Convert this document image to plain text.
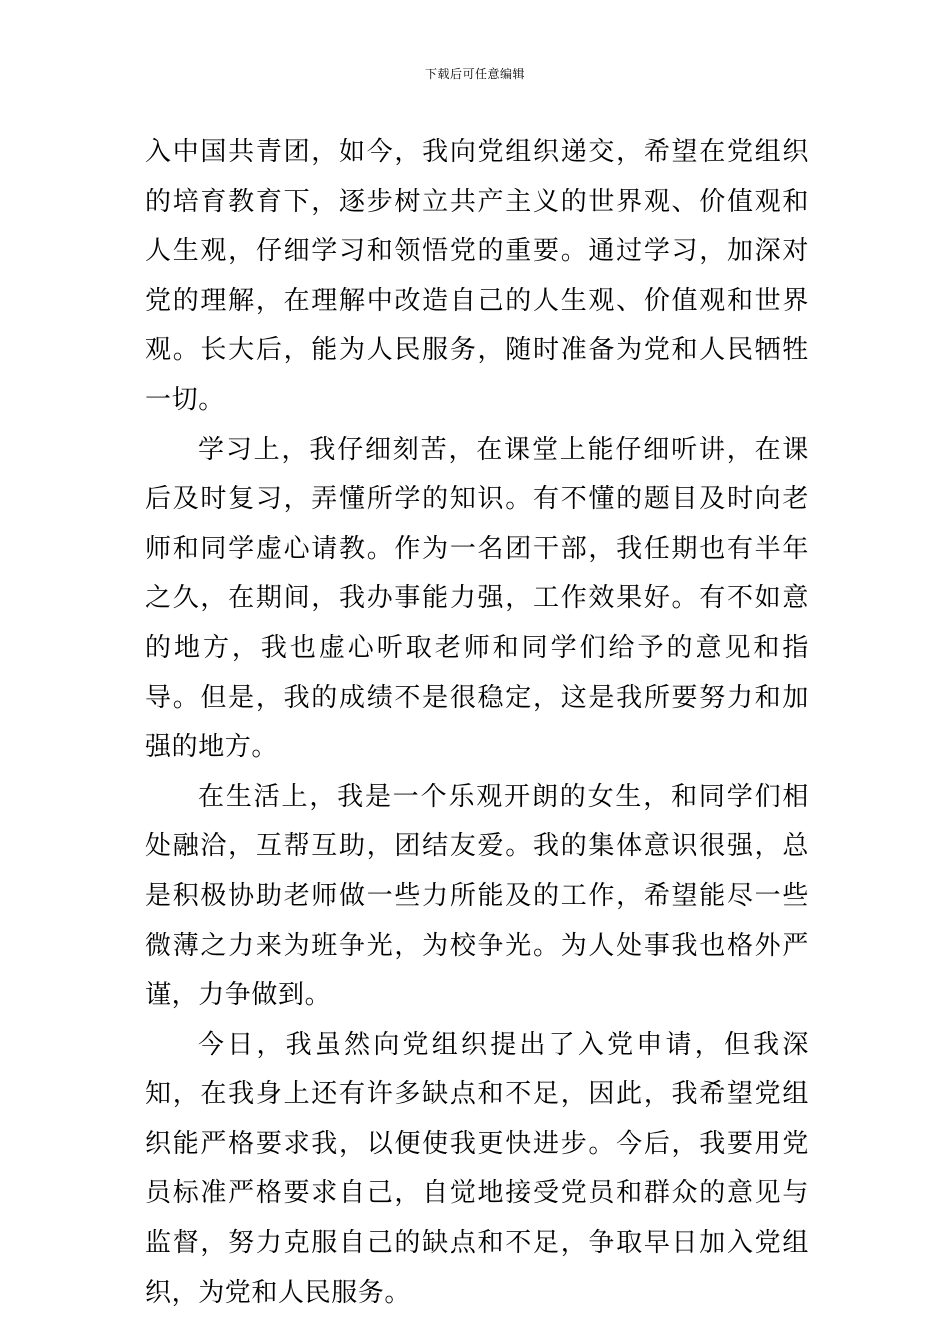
下载后可任意编辑

入中国共青团，如今，我向党组织递交，希望在党组织的培育教育下，逐步树立共产主义的世界观、价值观和人生观，仔细学习和领悟党的重要。通过学习，加深对党的理解，在理解中改造自己的人生观、价值观和世界观。长大后，能为人民服务，随时准备为党和人民牺牲一切。

学习上，我仔细刻苦，在课堂上能仔细听讲，在课后及时复习，弄懂所学的知识。有不懂的题目及时向老师和同学虚心请教。作为一名团干部，我任期也有半年之久，在期间，我办事能力强，工作效果好。有不如意的地方，我也虚心听取老师和同学们给予的意见和指导。但是，我的成绩不是很稳定，这是我所要努力和加强的地方。

在生活上，我是一个乐观开朗的女生，和同学们相处融洽，互帮互助，团结友爱。我的集体意识很强，总是积极协助老师做一些力所能及的工作，希望能尽一些微薄之力来为班争光，为校争光。为人处事我也格外严谨，力争做到。

今日，我虽然向党组织提出了入党申请，但我深知，在我身上还有许多缺点和不足，因此，我希望党组织能严格要求我，以便使我更快进步。今后，我要用党员标准严格要求自己，自觉地接受党员和群众的意见与监督，努力克服自己的缺点和不足，争取早日加入党组织，为党和人民服务。
